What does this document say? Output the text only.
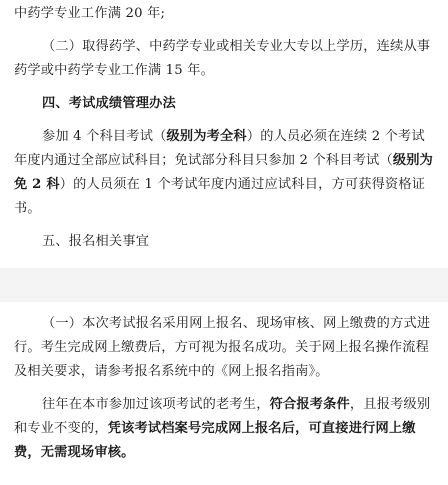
中药学专业工作满 20 年;

（二）取得药学、中药学专业或相关专业大专以上学历，连续从事药学或中药学专业工作满 15 年。

四、考试成绩管理办法

参加 4 个科目考试（级别为考全科）的人员必须在连续 2 个考试年度内通过全部应试科目；免试部分科目只参加 2 个科目考试（级别为免 2 科）的人员须在 1 个考试年度内通过应试科目，方可获得资格证书。

五、报名相关事宜

（一）本次考试报名采用网上报名、现场审核、网上缴费的方式进行。考生完成网上缴费后，方可视为报名成功。关于网上报名操作流程及相关要求，请参考报名系统中的《网上报名指南》。

往年在本市参加过该项考试的老考生，符合报考条件，且报考级别和专业不变的，凭该考试档案号完成网上报名后，可直接进行网上缴费，无需现场审核。
